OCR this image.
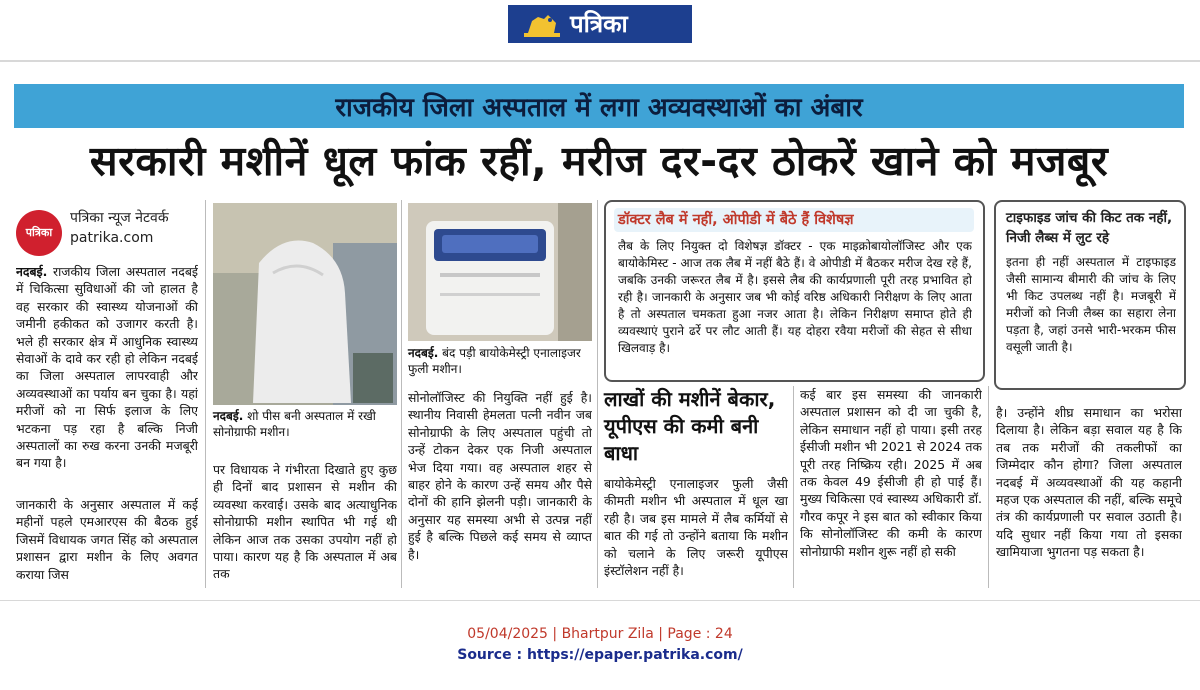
पत्रिका
राजकीय जिला अस्पताल में लगा अव्यवस्थाओं का अंबार
सरकारी मशीनें धूल फांक रहीं, मरीज दर-दर ठोकरें खाने को मजबूर
पत्रिका
पत्रिका न्यूज नेटवर्क
patrika.com
नदबई. राजकीय जिला अस्पताल नदबई में चिकित्सा सुविधाओं की जो हालत है वह सरकार की स्वास्थ्य योजनाओं की जमीनी हकीकत को उजागर करती है। भले ही सरकार क्षेत्र में आधुनिक स्वास्थ्य सेवाओं के दावे कर रही हो लेकिन नदबई का जिला अस्पताल लापरवाही और अव्यवस्थाओं का पर्याय बन चुका है। यहां मरीजों को ना सिर्फ इलाज के लिए भटकना पड़ रहा है बल्कि निजी अस्पतालों का रुख करना उनकी मजबूरी बन गया है।
जानकारी के अनुसार अस्पताल में कई महीनों पहले एमआरएस की बैठक हुई जिसमें विधायक जगत सिंह को अस्पताल प्रशासन द्वारा मशीन के लिए अवगत कराया जिस
नदबई. शो पीस बनी अस्पताल में रखी सोनोग्राफी मशीन।
पर विधायक ने गंभीरता दिखाते हुए कुछ ही दिनों बाद प्रशासन से मशीन की व्यवस्था करवाई। उसके बाद अत्याधुनिक सोनोग्राफी मशीन स्थापित भी गई थी लेकिन आज तक उसका उपयोग नहीं हो पाया। कारण यह है कि अस्पताल में अब तक
नदबई. बंद पड़ी बायोकेमेस्ट्री एनालाइजर फुली मशीन।
सोनोलॉजिस्ट की नियुक्ति नहीं हुई है। स्थानीय निवासी हेमलता पत्नी नवीन जब सोनोग्राफी के लिए अस्पताल पहुंची तो उन्हें टोकन देकर एक निजी अस्पताल भेज दिया गया। वह अस्पताल शहर से बाहर होने के कारण उन्हें समय और पैसे दोनों की हानि झेलनी पड़ी। जानकारी के अनुसार यह समस्या अभी से उत्पन्न नहीं हुई है बल्कि पिछले कई समय से व्याप्त है।
डॉक्टर लैब में नहीं, ओपीडी में बैठे हैं विशेषज्ञ
लैब के लिए नियुक्त दो विशेषज्ञ डॉक्टर - एक माइक्रोबायोलॉजिस्ट और एक बायोकेमिस्ट - आज तक लैब में नहीं बैठे हैं। वे ओपीडी में बैठकर मरीज देख रहे हैं, जबकि उनकी जरूरत लैब में है। इससे लैब की कार्यप्रणाली पूरी तरह प्रभावित हो रही है। जानकारी के अनुसार जब भी कोई वरिष्ठ अधिकारी निरीक्षण के लिए आता है तो अस्पताल चमकता हुआ नजर आता है। लेकिन निरीक्षण समाप्त होते ही व्यवस्थाएं पुराने ढर्रे पर लौट आती हैं। यह दोहरा रवैया मरीजों की सेहत से सीधा खिलवाड़ है।
टाइफाइड जांच की किट तक नहीं, निजी लैब्स में लुट रहे
इतना ही नहीं अस्पताल में टाइफाइड जैसी सामान्य बीमारी की जांच के लिए भी किट उपलब्ध नहीं है। मजबूरी में मरीजों को निजी लैब्स का सहारा लेना पड़ता है, जहां उनसे भारी-भरकम फीस वसूली जाती है।
लाखों की मशीनें बेकार, यूपीएस की कमी बनी बाधा
बायोकेमेस्ट्री एनालाइजर फुली जैसी कीमती मशीन भी अस्पताल में धूल खा रही है। जब इस मामले में लैब कर्मियों से बात की गई तो उन्होंने बताया कि मशीन को चलाने के लिए जरूरी यूपीएस इंस्टॉलेशन नहीं है।
कई बार इस समस्या की जानकारी अस्पताल प्रशासन को दी जा चुकी है, लेकिन समाधान नहीं हो पाया। इसी तरह ईसीजी मशीन भी 2021 से 2024 तक पूरी तरह निष्क्रिय रही। 2025 में अब तक केवल 49 ईसीजी ही हो पाई हैं। मुख्य चिकित्सा एवं स्वास्थ्य अधिकारी डॉ. गौरव कपूर ने इस बात को स्वीकार किया कि सोनोलॉजिस्ट की कमी के कारण सोनोग्राफी मशीन शुरू नहीं हो सकी
है। उन्होंने शीघ्र समाधान का भरोसा दिलाया है। लेकिन बड़ा सवाल यह है कि तब तक मरीजों की तकलीफों का जिम्मेदार कौन होगा? जिला अस्पताल नदबई में अव्यवस्थाओं की यह कहानी महज एक अस्पताल की नहीं, बल्कि समूचे तंत्र की कार्यप्रणाली पर सवाल उठाती है। यदि सुधार नहीं किया गया तो इसका खामियाजा भुगतना पड़ सकता है।
05/04/2025 | Bhartpur Zila | Page : 24
Source : https://epaper.patrika.com/
